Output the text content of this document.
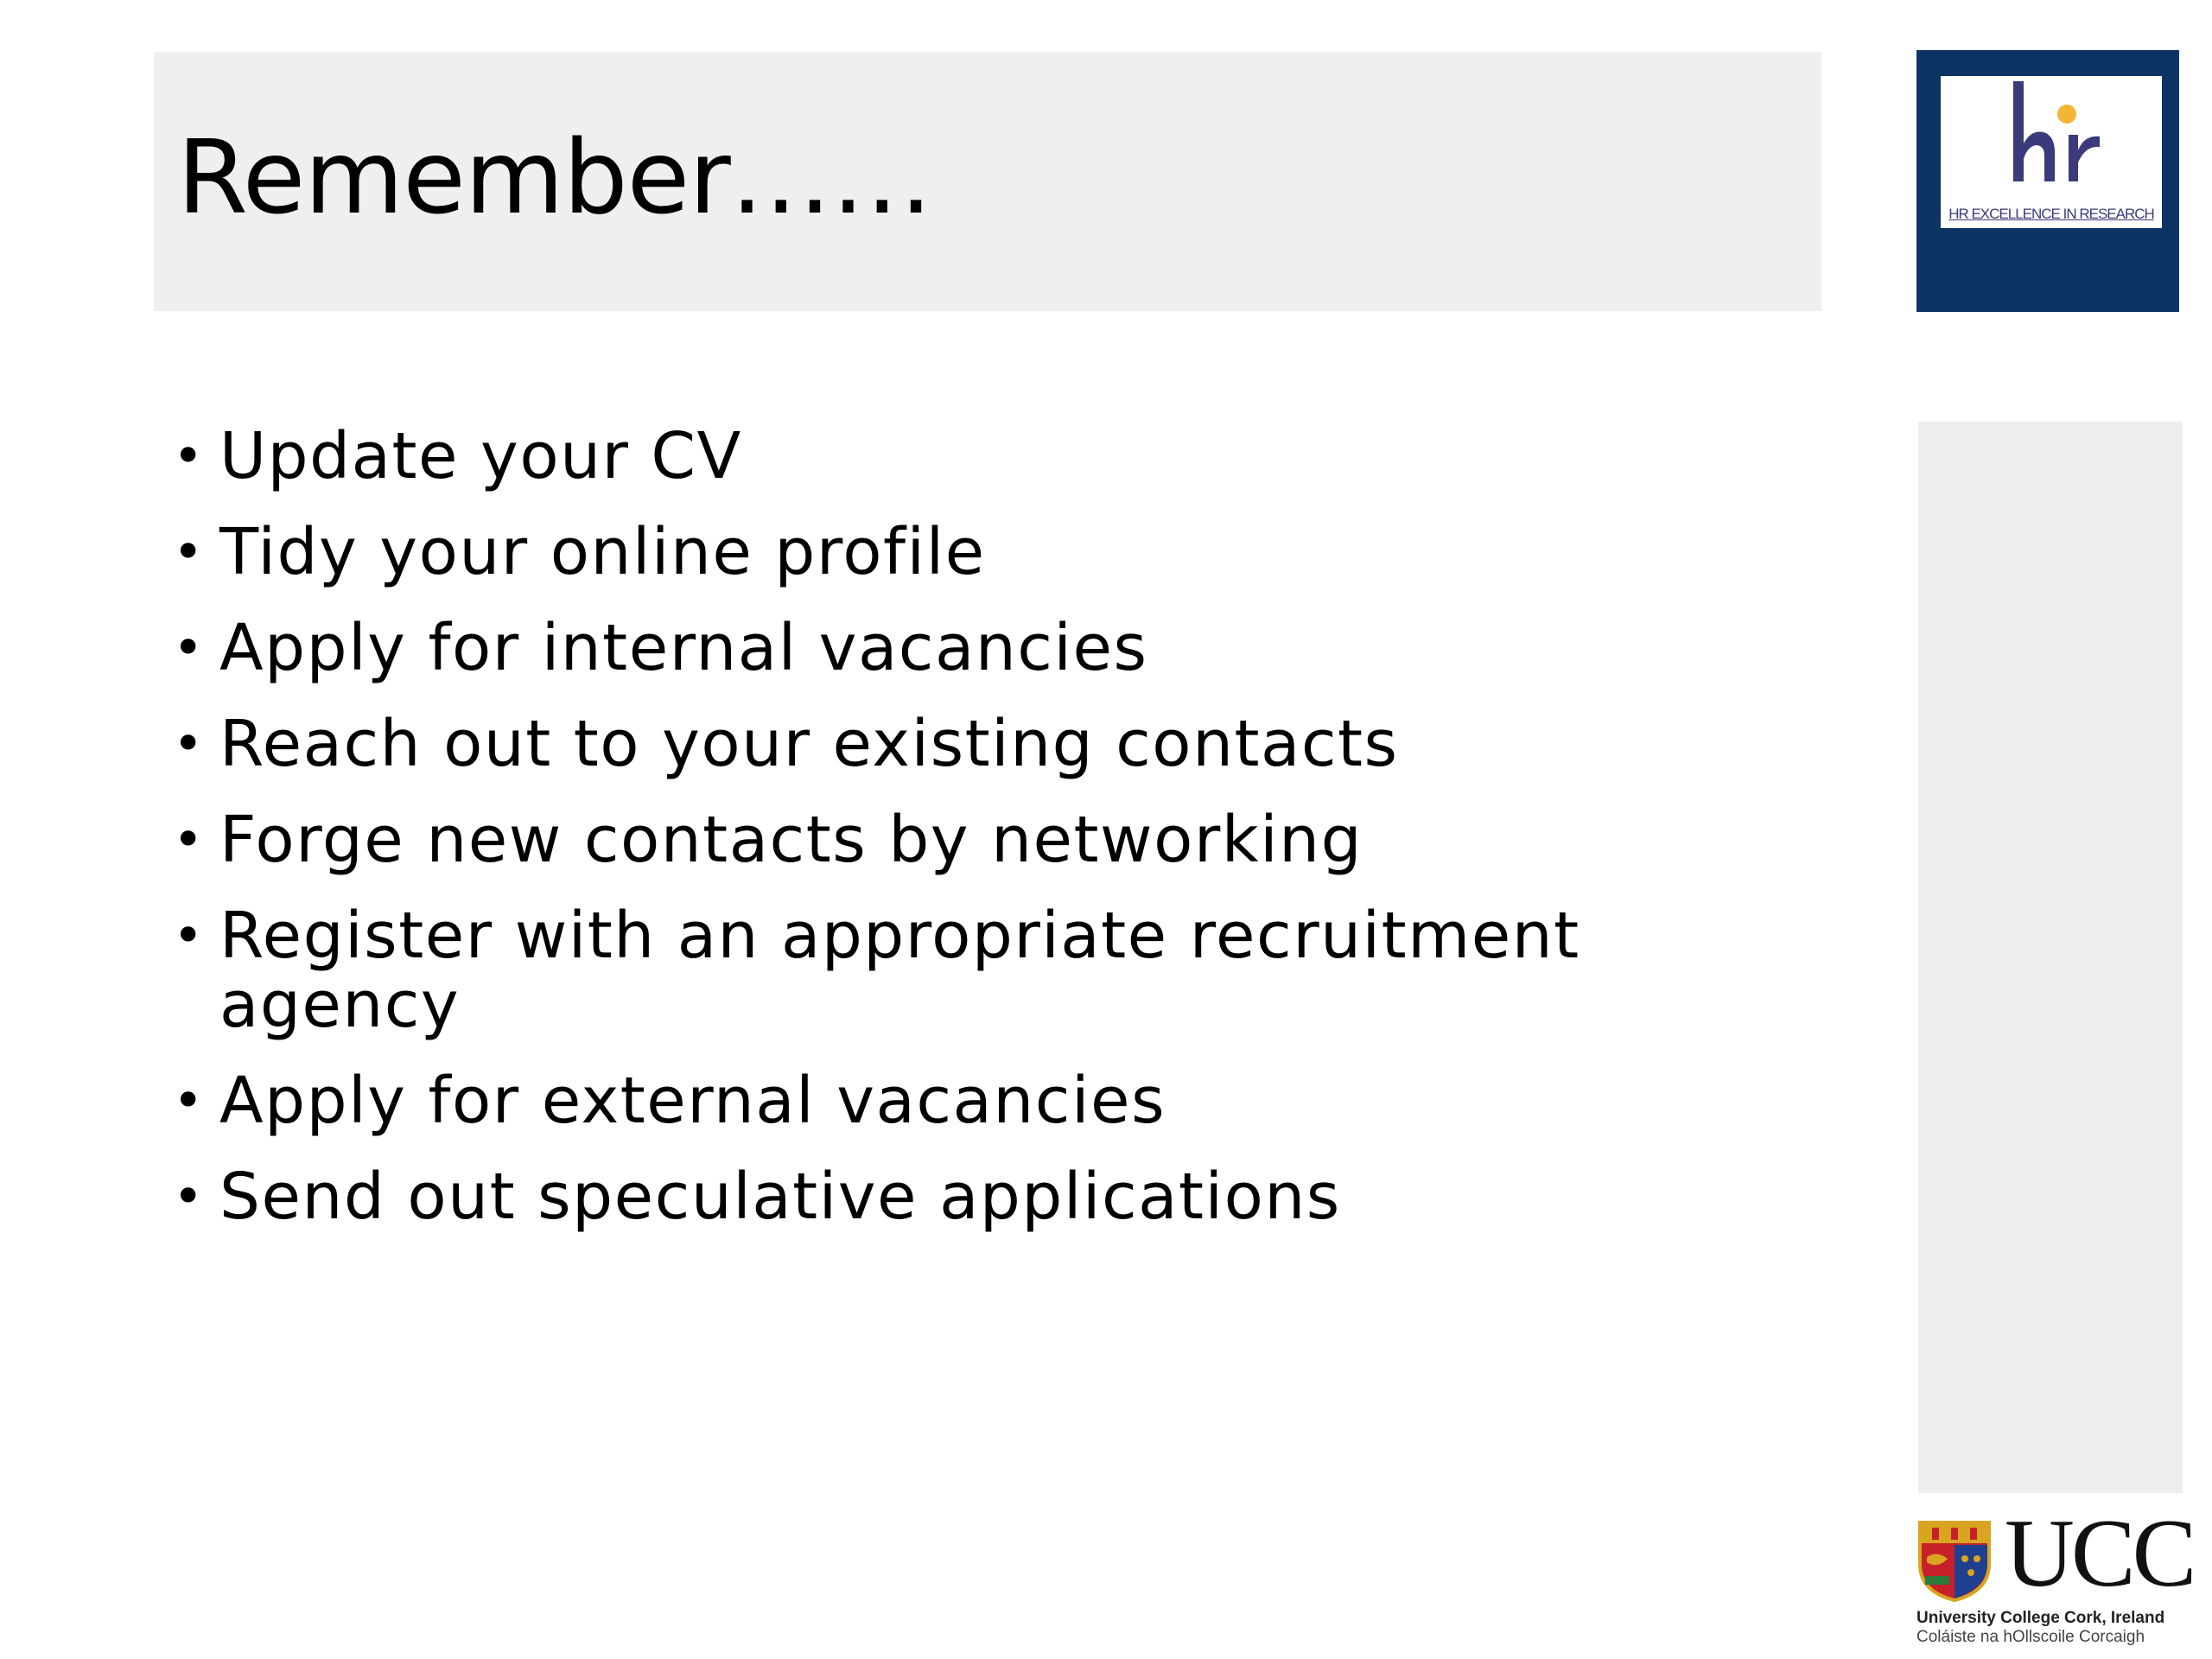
Remember……	HR EXCELLENCE IN RESEARCH
• Update your CV
• Tidy your online profile
• Apply for internal vacancies
• Reach out to your existing contacts
• Forge new contacts by networking
• Register with an appropriate recruitment agency
• Apply for external vacancies
• Send out speculative applications
UCC
University College Cork, Ireland
Coláiste na hOllscoile Corcaigh
